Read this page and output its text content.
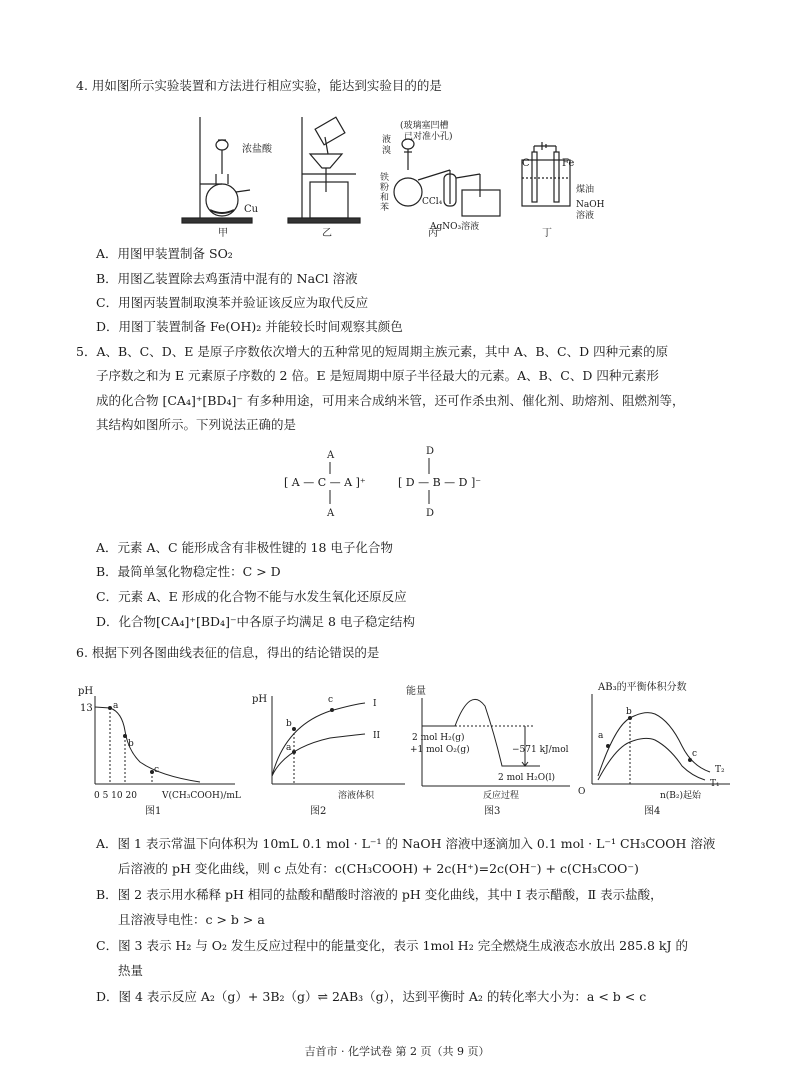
4. 用如图所示实验装置和方法进行相应实验，能达到实验目的的是
浓盐酸
Cu
甲	乙
(玻璃塞凹槽
已对准小孔)
液
溴
铁
粉
和
苯
CCl₄
AgNO₃溶液
丙
C	Fe
煤油
NaOH
溶液
丁
A．用图甲装置制备 SO₂
B．用图乙装置除去鸡蛋清中混有的 NaCl 溶液
C．用图丙装置制取溴苯并验证该反应为取代反应
D．用图丁装置制备 Fe(OH)₂ 并能较长时间观察其颜色
5．A、B、C、D、E 是原子序数依次增大的五种常见的短周期主族元素，其中 A、B、C、D 四种元素的原
子序数之和为 E 元素原子序数的 2 倍。E 是短周期中原子半径最大的元素。A、B、C、D 四种元素形
成的化合物 [CA₄]⁺[BD₄]⁻ 有多种用途，可用来合成纳米管，还可作杀虫剂、催化剂、助熔剂、阻燃剂等，
其结构如图所示。下列说法正确的是
[ A — C — A ]⁺	[ D — B — D ]⁻
A
A
D
D
A．元素 A、C 能形成含有非极性键的 18 电子化合物
B．最简单氢化物稳定性：C > D
C．元素 A、E 形成的化合物不能与水发生氧化还原反应
D．化合物[CA₄]⁺[BD₄]⁻中各原子均满足 8 电子稳定结构
6. 根据下列各图曲线表征的信息，得出的结论错误的是
pH
13 a
b
c
0 5 10 20	V(CH₃COOH)/mL
图1
pH
b
a
c	I
II
溶液体积
图2
能量
2 mol H₂(g)
+1 mol O₂(g)	−571 kJ/mol
2 mol H₂O(l)
反应过程
图3
AB₃的平衡体积分数
a
b
c
T₂
T₁
O	n(B₂)起始
图4
A．图 1 表示常温下向体积为 10mL 0.1 mol · L⁻¹ 的 NaOH 溶液中逐滴加入 0.1 mol · L⁻¹ CH₃COOH 溶液
后溶液的 pH 变化曲线，则 c 点处有：c(CH₃COOH) + 2c(H⁺)=2c(OH⁻) + c(CH₃COO⁻)
B．图 2 表示用水稀释 pH 相同的盐酸和醋酸时溶液的 pH 变化曲线，其中 Ⅰ 表示醋酸，Ⅱ 表示盐酸，
且溶液导电性：c > b > a
C．图 3 表示 H₂ 与 O₂ 发生反应过程中的能量变化，表示 1mol H₂ 完全燃烧生成液态水放出 285.8 kJ 的
热量
D．图 4 表示反应 A₂（g）+ 3B₂（g）⇌ 2AB₃（g），达到平衡时 A₂ 的转化率大小为：a < b < c
吉首市 · 化学试卷 第 2 页（共 9 页）
